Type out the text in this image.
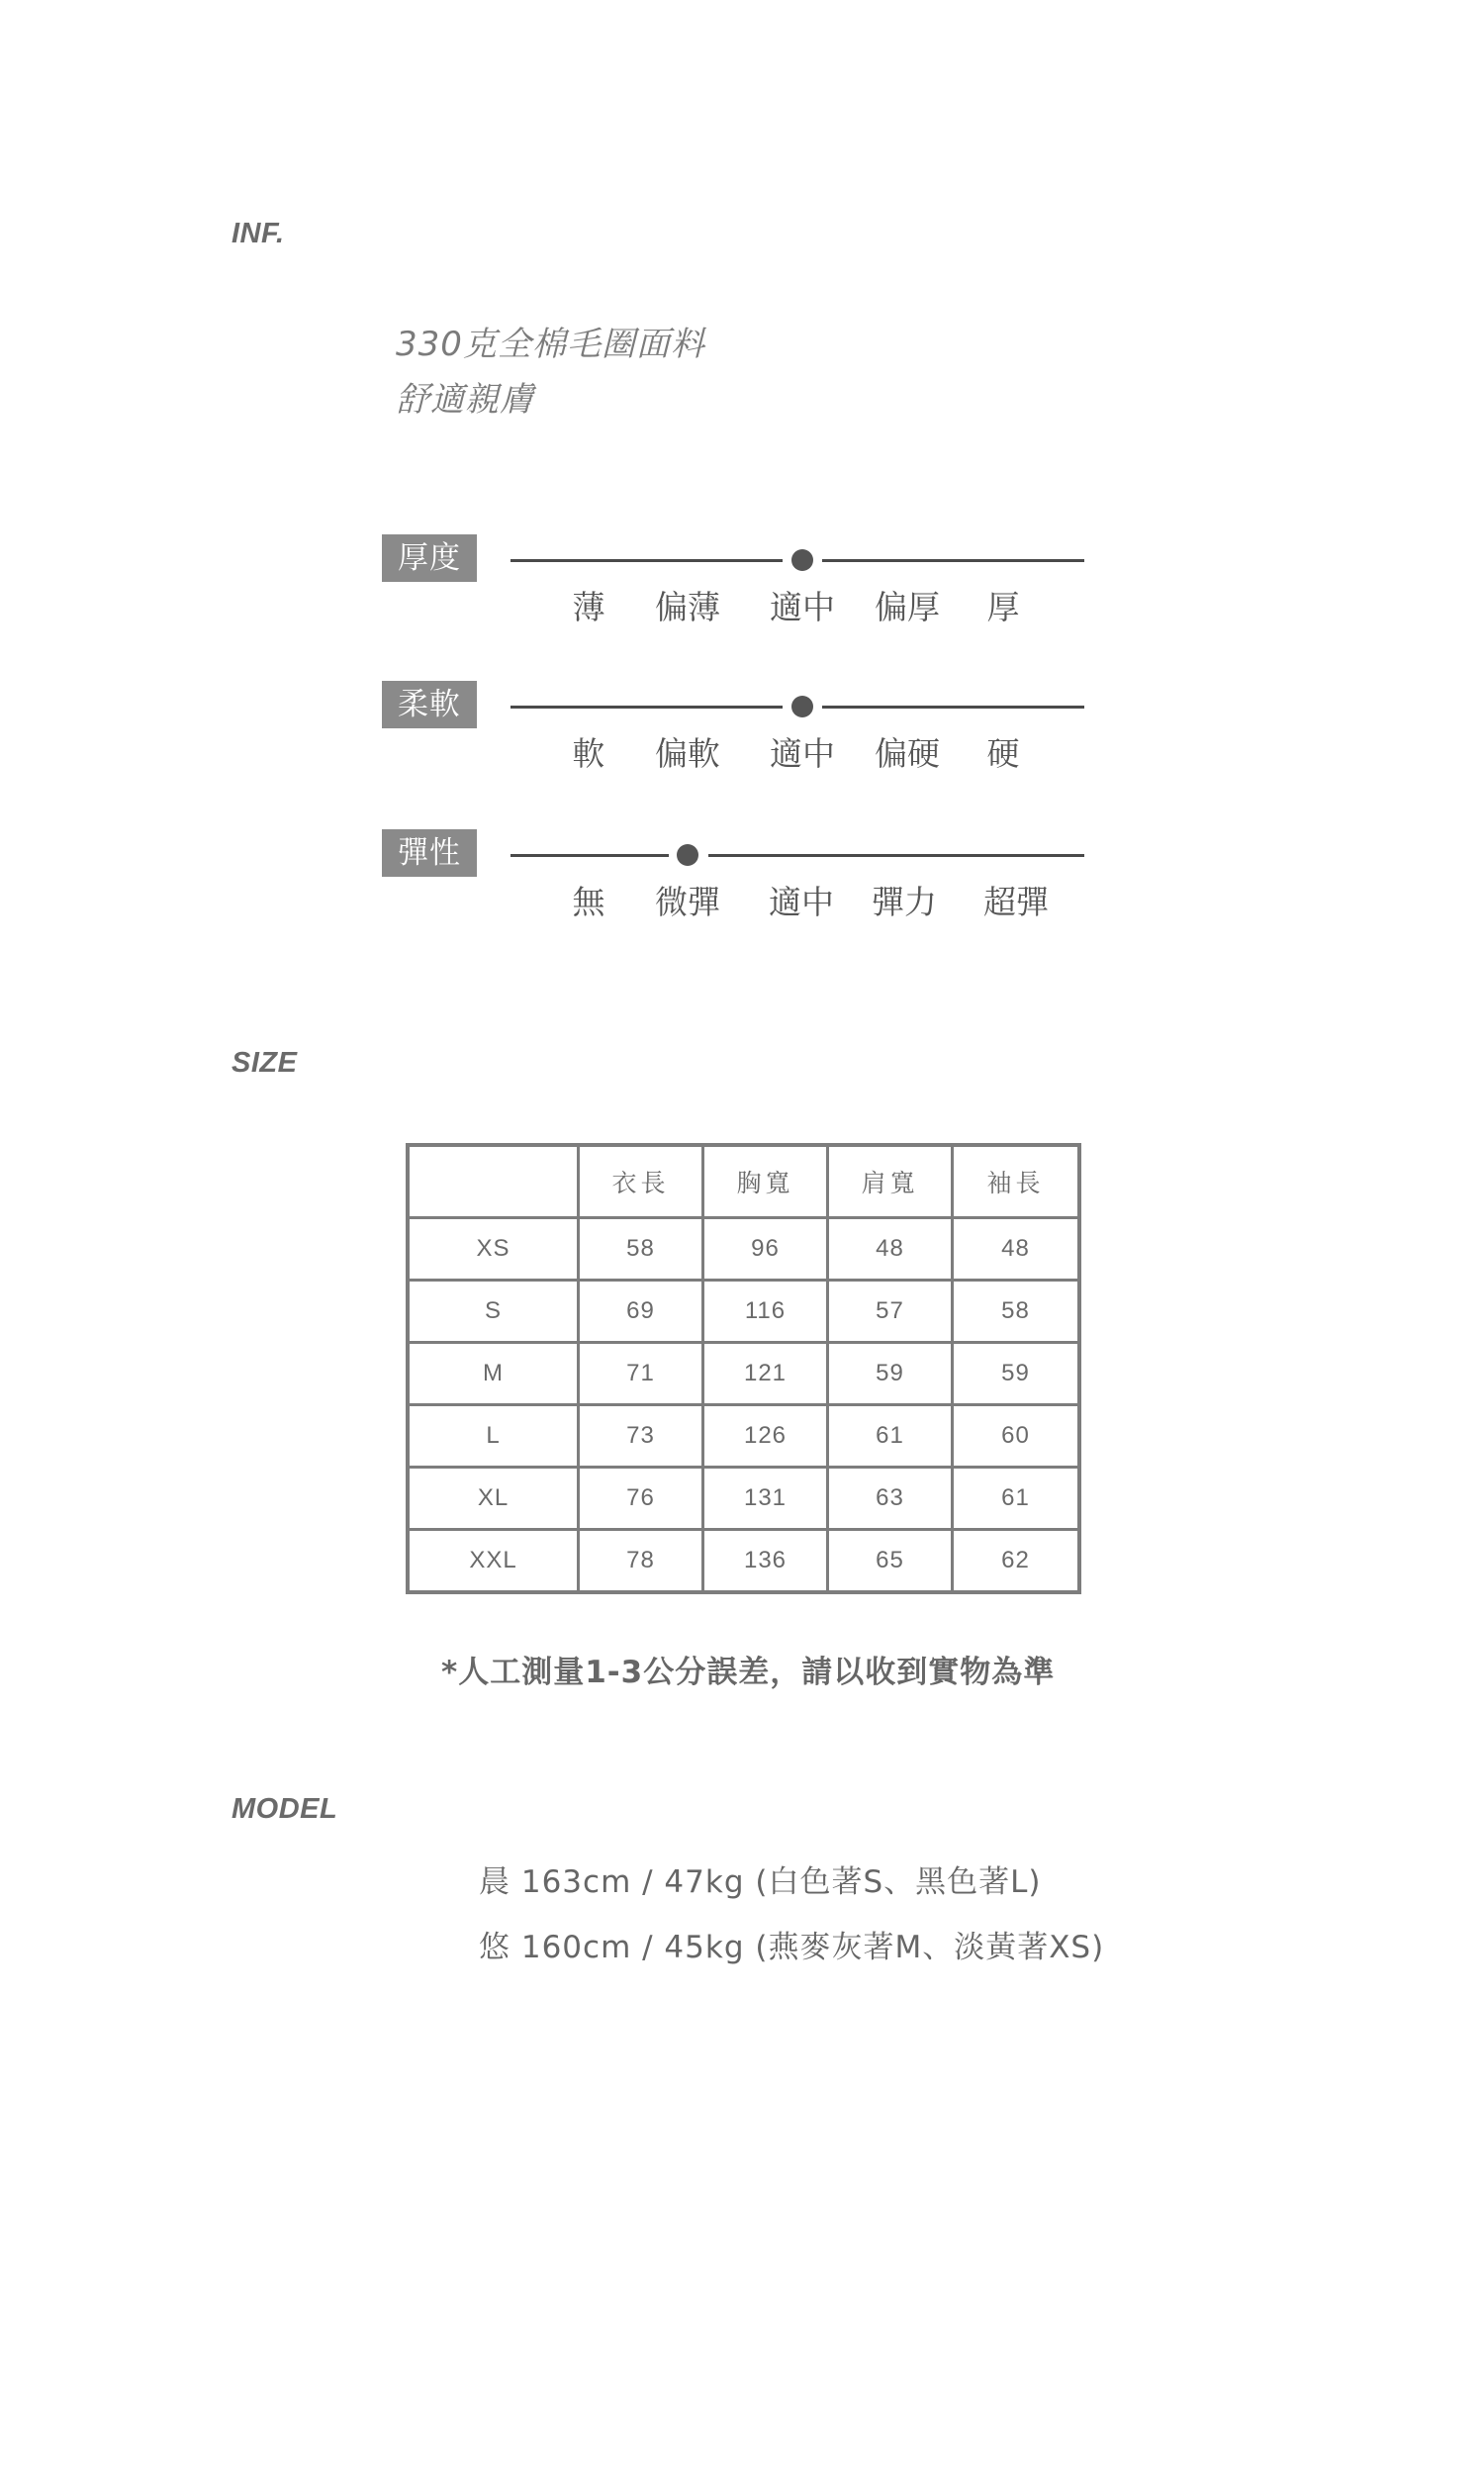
INF.

330克全棉毛圈面料

舒適親膚

厚度
薄 偏薄 適中 偏厚 厚
柔軟
軟 偏軟 適中 偏硬 硬
彈性
無 微彈 適中 彈力 超彈
SIZE
	衣長	胸寬	肩寬	袖長
XS	58	96	48	48
S	69	116	57	58
M	71	121	59	59
L	73	126	61	60
XL	76	131	63	61
XXL	78	136	65	62

*人工測量1-3公分誤差，請以收到實物為準

MODEL

晨 163cm / 47kg (白色著S、黑色著L)

悠 160cm / 45kg (燕麥灰著M、淡黃著XS)
